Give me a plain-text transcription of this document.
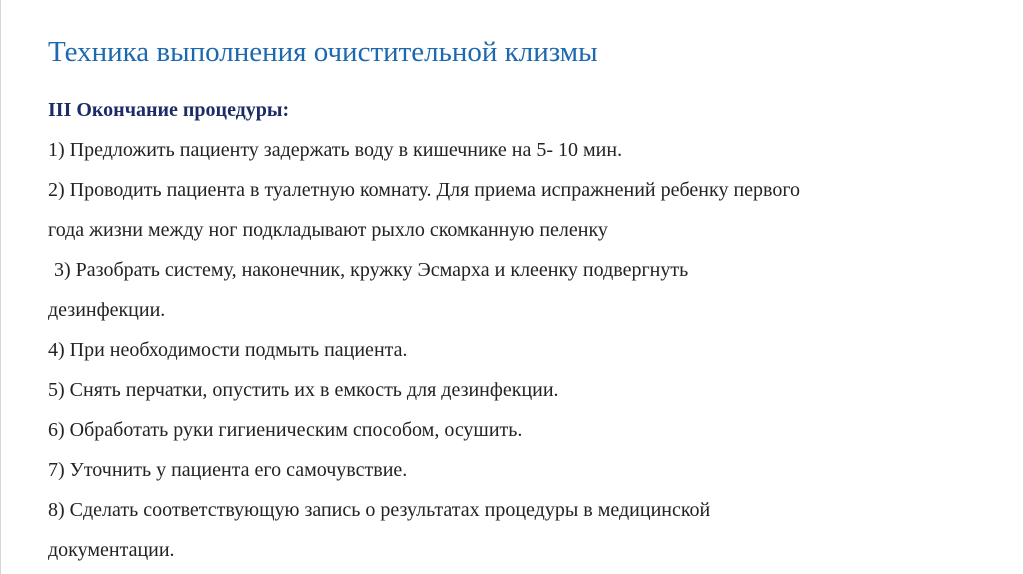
Техника выполнения очистительной клизмы

III Окончание процедуры:

1) Предложить пациенту задержать воду в кишечнике на 5- 10 мин.

2) Проводить пациента в туалетную комнату. Для приема испражнений ребенку первого
года жизни между ног подкладывают рыхло скомканную пеленку

3) Разобрать систему, наконечник, кружку Эсмарха и клеенку подвергнуть
дезинфекции.

4) При необходимости подмыть пациента.

5) Снять перчатки, опустить их в емкость для дезинфекции.

6) Обработать руки гигиеническим способом, осушить.

7) Уточнить у пациента его самочувствие.

8) Сделать соответствующую запись о результатах процедуры в медицинской
документации.
